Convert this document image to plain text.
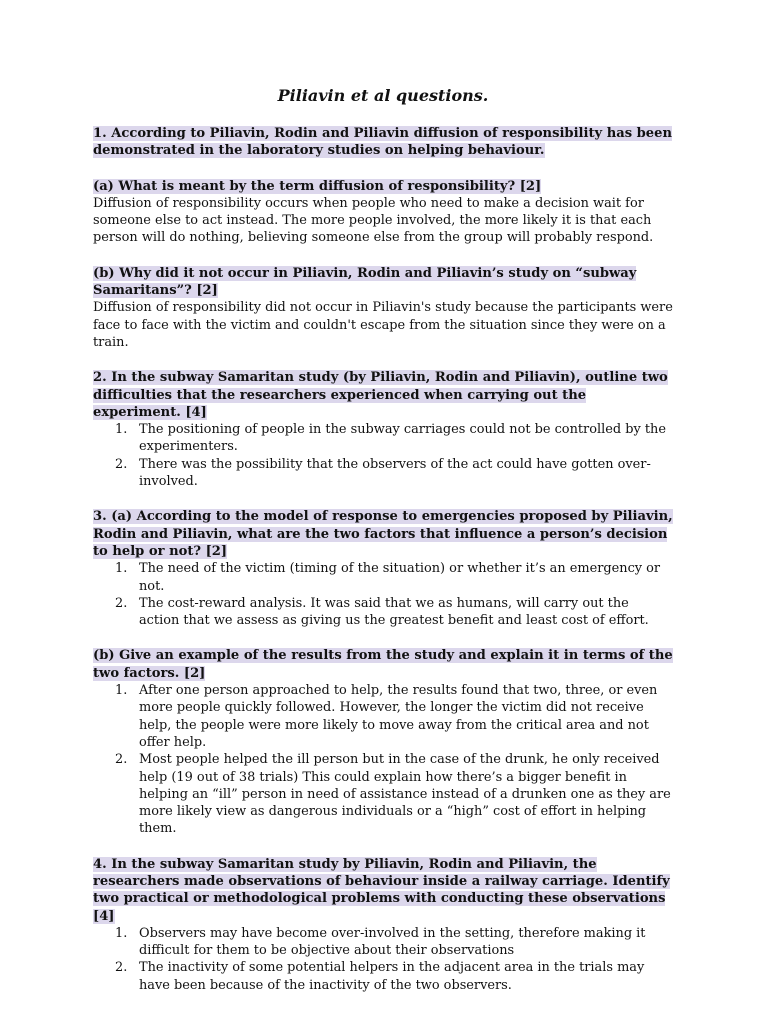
Piliavin et al questions.

1. According to Piliavin, Rodin and Piliavin diffusion of responsibility has been demonstrated in the laboratory studies on helping behaviour.

(a) What is meant by the term diffusion of responsibility? [2]

Diffusion of responsibility occurs when people who need to make a decision wait for someone else to act instead. The more people involved, the more likely it is that each person will do nothing, believing someone else from the group will probably respond.

(b) Why did it not occur in Piliavin, Rodin and Piliavin’s study on “subway Samaritans”? [2]

Diffusion of responsibility did not occur in Piliavin's study because the participants were face to face with the victim and couldn't escape from the situation since they were on a train.

2. In the subway Samaritan study (by Piliavin, Rodin and Piliavin), outline two difficulties that the researchers experienced when carrying out the experiment. [4]

1. The positioning of people in the subway carriages could not be controlled by the experimenters.
2. There was the possibility that the observers of the act could have gotten over-involved.

3. (a) According to the model of response to emergencies proposed by Piliavin, Rodin and Piliavin, what are the two factors that influence a person’s decision to help or not? [2]

1. The need of the victim (timing of the situation) or whether it’s an emergency or not.
2. The cost-reward analysis. It was said that we as humans, will carry out the action that we assess as giving us the greatest benefit and least cost of effort.

(b) Give an example of the results from the study and explain it in terms of the two factors. [2]

1. After one person approached to help, the results found that two, three, or even more people quickly followed. However, the longer the victim did not receive help, the people were more likely to move away from the critical area and not offer help.
2. Most people helped the ill person but in the case of the drunk, he only received help (19 out of 38 trials) This could explain how there’s a bigger benefit in helping an “ill” person in need of assistance instead of a drunken one as they are more likely view as dangerous individuals or a “high” cost of effort in helping them.

4. In the subway Samaritan study by Piliavin, Rodin and Piliavin, the researchers made observations of behaviour inside a railway carriage. Identify two practical or methodological problems with conducting these observations [4]

1. Observers may have become over-involved in the setting, therefore making it difficult for them to be objective about their observations
2. The inactivity of some potential helpers in the adjacent area in the trials may have been because of the inactivity of the two observers.
